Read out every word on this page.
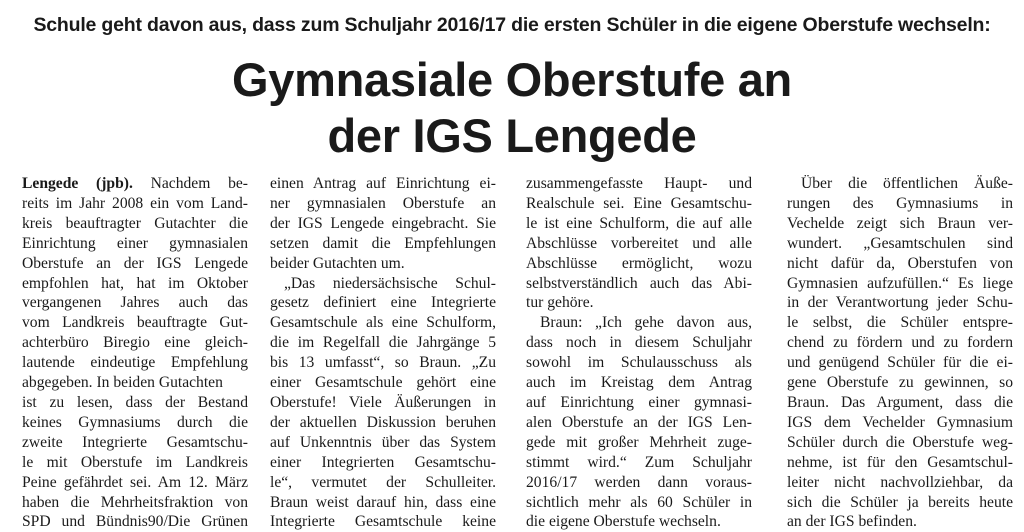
Schule geht davon aus, dass zum Schuljahr 2016/17 die ersten Schüler in die eigene Oberstufe wechseln:
Gymnasiale Oberstufe an
der IGS Lengede
Lengede (jpb). Nachdem be-
reits im Jahr 2008 ein vom Land-
kreis beauftragter Gutachter die
Einrichtung einer gymnasialen
Oberstufe an der IGS Lengede
empfohlen hat, hat im Oktober
vergangenen Jahres auch das
vom Landkreis beauftragte Gut-
achterbüro Biregio eine gleich-
lautende eindeutige Empfehlung
abgegeben. In beiden Gutachten
ist zu lesen, dass der Bestand
keines Gymnasiums durch die
zweite Integrierte Gesamtschu-
le mit Oberstufe im Landkreis
Peine gefährdet sei. Am 12. März
haben die Mehrheitsfraktion von
SPD und Bündnis90/Die Grünen
einen Antrag auf Einrichtung ei-
ner gymnasialen Oberstufe an
der IGS Lengede eingebracht. Sie
setzen damit die Empfehlungen
beider Gutachten um.
„Das niedersächsische Schul-
gesetz definiert eine Integrierte
Gesamtschule als eine Schulform,
die im Regelfall die Jahrgänge 5
bis 13 umfasst“, so Braun. „Zu
einer Gesamtschule gehört eine
Oberstufe! Viele Äußerungen in
der aktuellen Diskussion beruhen
auf Unkenntnis über das System
einer Integrierten Gesamtschu-
le“, vermutet der Schulleiter.
Braun weist darauf hin, dass eine
Integrierte Gesamtschule keine
zusammengefasste Haupt- und
Realschule sei. Eine Gesamtschu-
le ist eine Schulform, die auf alle
Abschlüsse vorbereitet und alle
Abschlüsse ermöglicht, wozu
selbstverständlich auch das Abi-
tur gehöre.
Braun: „Ich gehe davon aus,
dass noch in diesem Schuljahr
sowohl im Schulausschuss als
auch im Kreistag dem Antrag
auf Einrichtung einer gymnasi-
alen Oberstufe an der IGS Len-
gede mit großer Mehrheit zuge-
stimmt wird.“ Zum Schuljahr
2016/17 werden dann voraus-
sichtlich mehr als 60 Schüler in
die eigene Oberstufe wechseln.
Über die öffentlichen Äuße-
rungen des Gymnasiums in
Vechelde zeigt sich Braun ver-
wundert. „Gesamtschulen sind
nicht dafür da, Oberstufen von
Gymnasien aufzufüllen.“ Es liege
in der Verantwortung jeder Schu-
le selbst, die Schüler entspre-
chend zu fördern und zu fordern
und genügend Schüler für die ei-
gene Oberstufe zu gewinnen, so
Braun. Das Argument, dass die
IGS dem Vechelder Gymnasium
Schüler durch die Oberstufe weg-
nehme, ist für den Gesamtschul-
leiter nicht nachvollziehbar, da
sich die Schüler ja bereits heute
an der IGS befinden.
